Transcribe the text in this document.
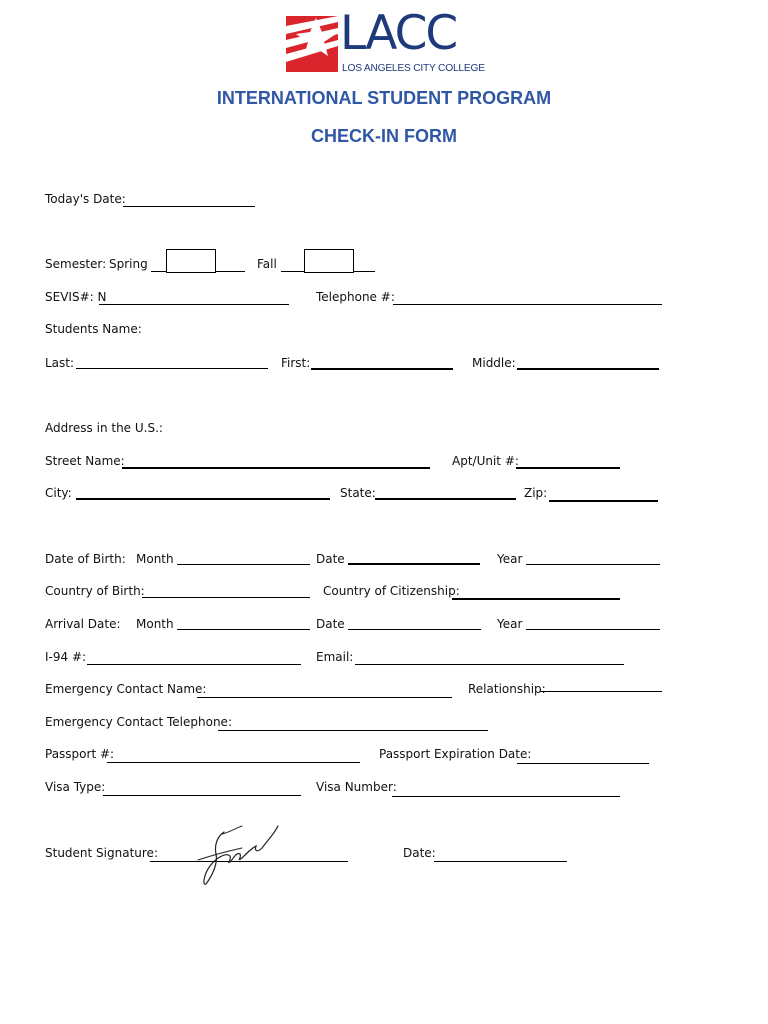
LACC
LOS ANGELES CITY COLLEGE
INTERNATIONAL STUDENT PROGRAM
CHECK-IN FORM
Today's Date:
Semester: Spring	Fall
SEVIS#: N	Telephone #:
Students Name:
Last:	First:	Middle:
Address in the U.S.:
Street Name:	Apt/Unit #:
City:	State:	Zip:
Date of Birth: Month	Date	Year
Country of Birth:	Country of Citizenship:
Arrival Date: Month	Date	Year
I-94 #:	Email:
Emergency Contact Name:	Relationship:
Emergency Contact Telephone:
Passport #:	Passport Expiration Date:
Visa Type:	Visa Number:
Student Signature:	Date:
